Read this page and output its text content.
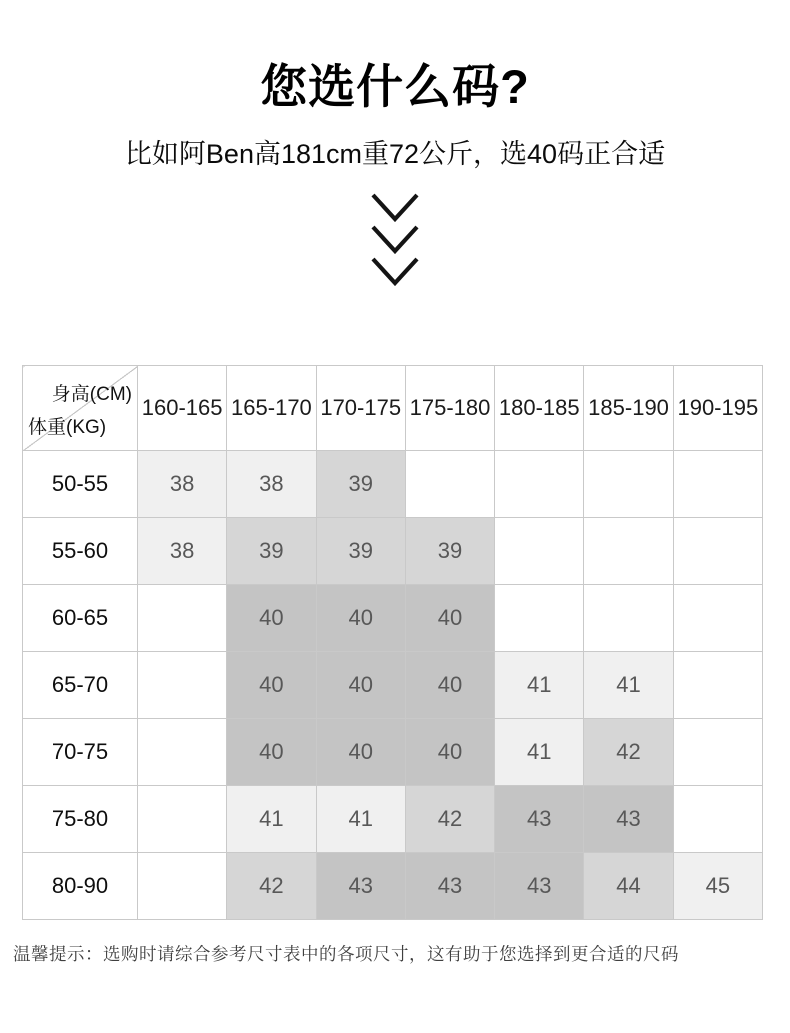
您选什么码?

比如阿Ben高181cm重72公斤，选40码正合适

身高(CM)
体重(KG)	160-165	165-170	170-175	175-180	180-185	185-190	190-195
50-55	38	38	39				
55-60	38	39	39	39			
60-65		40	40	40			
65-70		40	40	40	41	41	
70-75		40	40	40	41	42	
75-80		41	41	42	43	43	
80-90		42	43	43	43	44	45

温馨提示：选购时请综合参考尺寸表中的各项尺寸，这有助于您选择到更合适的尺码
